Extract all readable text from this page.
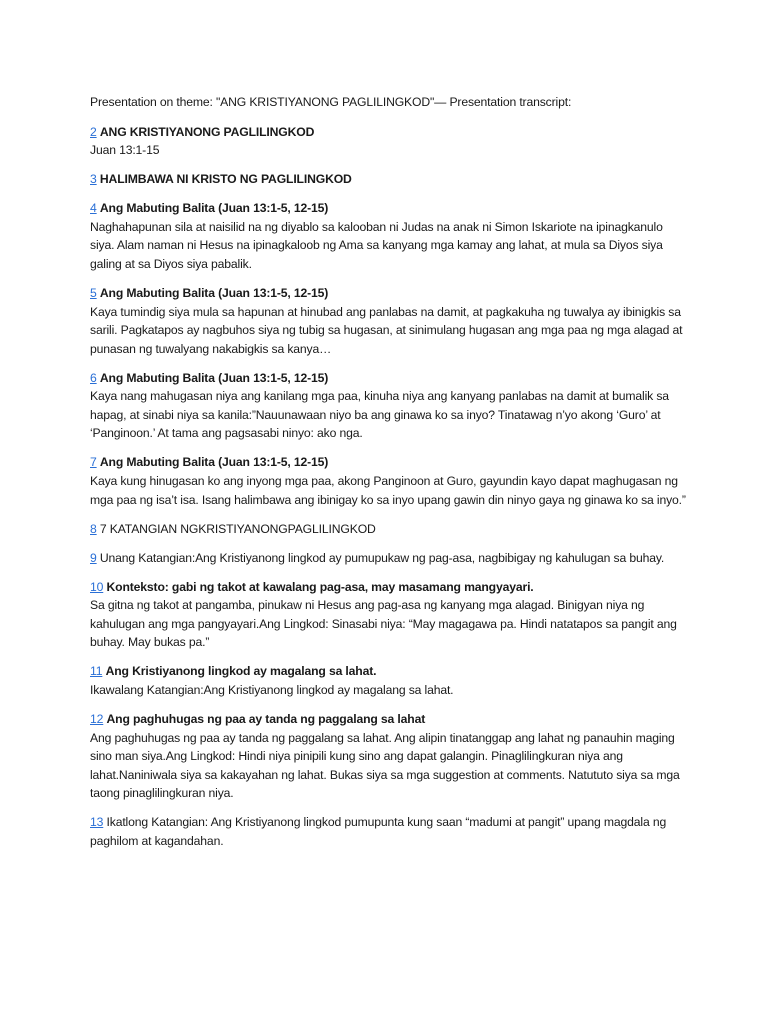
Presentation on theme: "ANG KRISTIYANONG PAGLILINGKOD"— Presentation transcript:
2 ANG KRISTIYANONG PAGLILINGKOD
Juan 13:1-15
3 HALIMBAWA NI KRISTO NG PAGLILINGKOD
4 Ang Mabuting Balita (Juan 13:1-5, 12-15)
Naghahapunan sila at naisilid na ng diyablo sa kalooban ni Judas na anak ni Simon Iskariote na ipinagkanulo siya. Alam naman ni Hesus na ipinagkaloob ng Ama sa kanyang mga kamay ang lahat, at mula sa Diyos siya galing at sa Diyos siya pabalik.
5 Ang Mabuting Balita (Juan 13:1-5, 12-15)
Kaya tumindig siya mula sa hapunan at hinubad ang panlabas na damit, at pagkakuha ng tuwalya ay ibinigkis sa sarili. Pagkatapos ay nagbuhos siya ng tubig sa hugasan, at sinimulang hugasan ang mga paa ng mga alagad at punasan ng tuwalyang nakabigkis sa kanya…
6 Ang Mabuting Balita (Juan 13:1-5, 12-15)
Kaya nang mahugasan niya ang kanilang mga paa, kinuha niya ang kanyang panlabas na damit at bumalik sa hapag, at sinabi niya sa kanila:”Nauunawaan niyo ba ang ginawa ko sa inyo? Tinatawag n’yo akong ‘Guro’ at ‘Panginoon.’ At tama ang pagsasabi ninyo: ako nga.
7 Ang Mabuting Balita (Juan 13:1-5, 12-15)
Kaya kung hinugasan ko ang inyong mga paa, akong Panginoon at Guro, gayundin kayo dapat maghugasan ng mga paa ng isa’t isa. Isang halimbawa ang ibinigay ko sa inyo upang gawin din ninyo gaya ng ginawa ko sa inyo.”
8 7 KATANGIAN NGKRISTIYANONGPAGLILINGKOD
9 Unang Katangian:Ang Kristiyanong lingkod ay pumupukaw ng pag-asa, nagbibigay ng kahulugan sa buhay.
10 Konteksto: gabi ng takot at kawalang pag-asa, may masamang mangyayari.
Sa gitna ng takot at pangamba, pinukaw ni Hesus ang pag-asa ng kanyang mga alagad. Binigyan niya ng kahulugan ang mga pangyayari.Ang Lingkod: Sinasabi niya: “May magagawa pa. Hindi natatapos sa pangit ang buhay. May bukas pa.”
11 Ang Kristiyanong lingkod ay magalang sa lahat.
Ikawalang Katangian:Ang Kristiyanong lingkod ay magalang sa lahat.
12 Ang paghuhugas ng paa ay tanda ng paggalang sa lahat
Ang paghuhugas ng paa ay tanda ng paggalang sa lahat. Ang alipin tinatanggap ang lahat ng panauhin maging sino man siya.Ang Lingkod: Hindi niya pinipili kung sino ang dapat galangin. Pinaglilingkuran niya ang lahat.Naniniwala siya sa kakayahan ng lahat. Bukas siya sa mga suggestion at comments. Natututo siya sa mga taong pinaglilingkuran niya.
13 Ikatlong Katangian: Ang Kristiyanong lingkod pumupunta kung saan “madumi at pangit” upang magdala ng paghilom at kagandahan.
